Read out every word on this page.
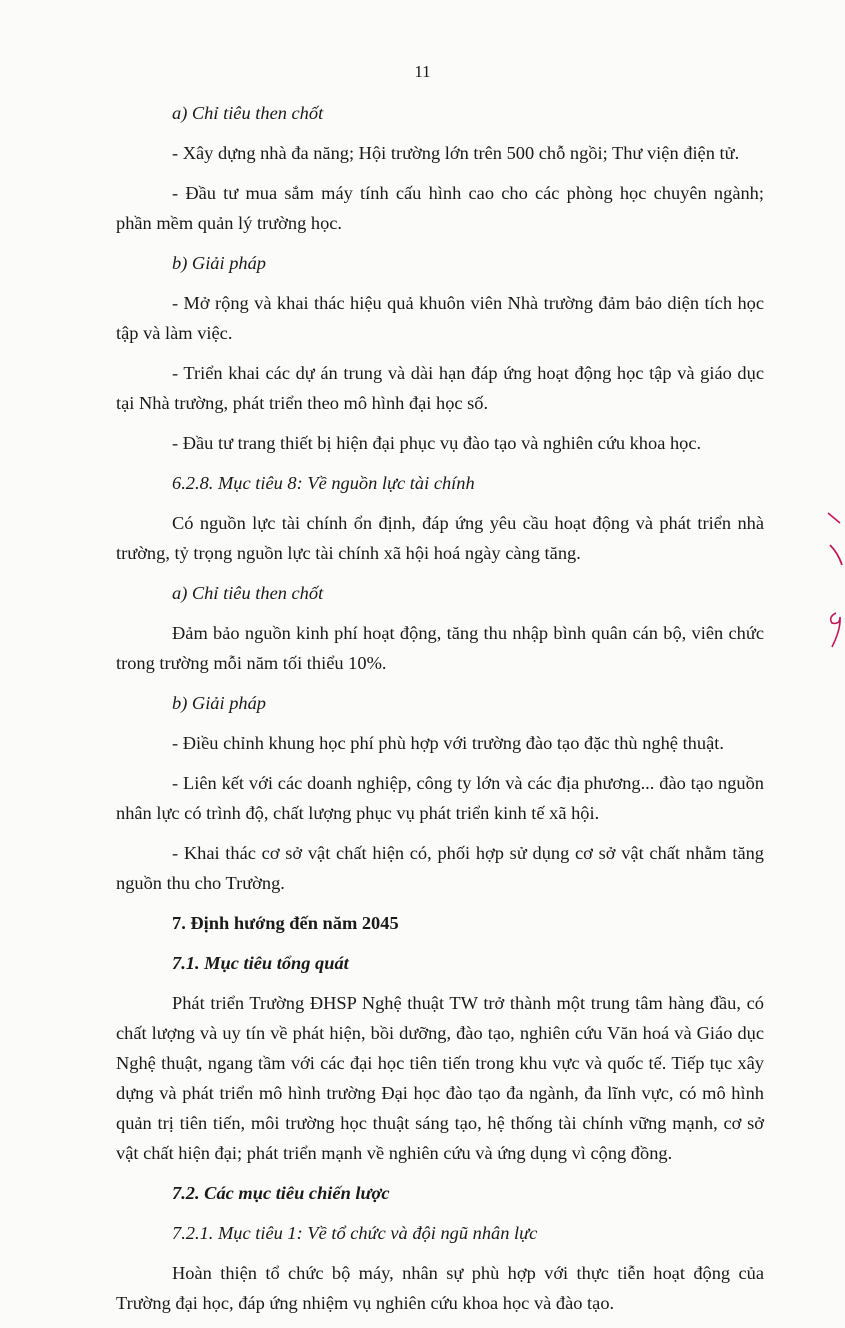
11

a) Chỉ tiêu then chốt

- Xây dựng nhà đa năng; Hội trường lớn trên 500 chỗ ngồi; Thư viện điện tử.

- Đầu tư mua sắm máy tính cấu hình cao cho các phòng học chuyên ngành; phần mềm quản lý trường học.

b) Giải pháp

- Mở rộng và khai thác hiệu quả khuôn viên Nhà trường đảm bảo diện tích học tập và làm việc.

- Triển khai các dự án trung và dài hạn đáp ứng hoạt động học tập và giáo dục tại Nhà trường, phát triển theo mô hình đại học số.

- Đầu tư trang thiết bị hiện đại phục vụ đào tạo và nghiên cứu khoa học.

6.2.8. Mục tiêu 8: Về nguồn lực tài chính

Có nguồn lực tài chính ổn định, đáp ứng yêu cầu hoạt động và phát triển nhà trường, tỷ trọng nguồn lực tài chính xã hội hoá ngày càng tăng.

a) Chỉ tiêu then chốt

Đảm bảo nguồn kinh phí hoạt động, tăng thu nhập bình quân cán bộ, viên chức trong trường mỗi năm tối thiểu 10%.

b) Giải pháp

- Điều chỉnh khung học phí phù hợp với trường đào tạo đặc thù nghệ thuật.

- Liên kết với các doanh nghiệp, công ty lớn và các địa phương... đào tạo nguồn nhân lực có trình độ, chất lượng phục vụ phát triển kinh tế xã hội.

- Khai thác cơ sở vật chất hiện có, phối hợp sử dụng cơ sở vật chất nhằm tăng nguồn thu cho Trường.

7. Định hướng đến năm 2045

7.1. Mục tiêu tổng quát

Phát triển Trường ĐHSP Nghệ thuật TW trở thành một trung tâm hàng đầu, có chất lượng và uy tín về phát hiện, bồi dưỡng, đào tạo, nghiên cứu Văn hoá và Giáo dục Nghệ thuật, ngang tầm với các đại học tiên tiến trong khu vực và quốc tế. Tiếp tục xây dựng và phát triển mô hình trường Đại học đào tạo đa ngành, đa lĩnh vực, có mô hình quản trị tiên tiến, môi trường học thuật sáng tạo, hệ thống tài chính vững mạnh, cơ sở vật chất hiện đại; phát triển mạnh về nghiên cứu và ứng dụng vì cộng đồng.

7.2. Các mục tiêu chiến lược

7.2.1. Mục tiêu 1: Về tổ chức và đội ngũ nhân lực

Hoàn thiện tổ chức bộ máy, nhân sự phù hợp với thực tiễn hoạt động của Trường đại học, đáp ứng nhiệm vụ nghiên cứu khoa học và đào tạo.
